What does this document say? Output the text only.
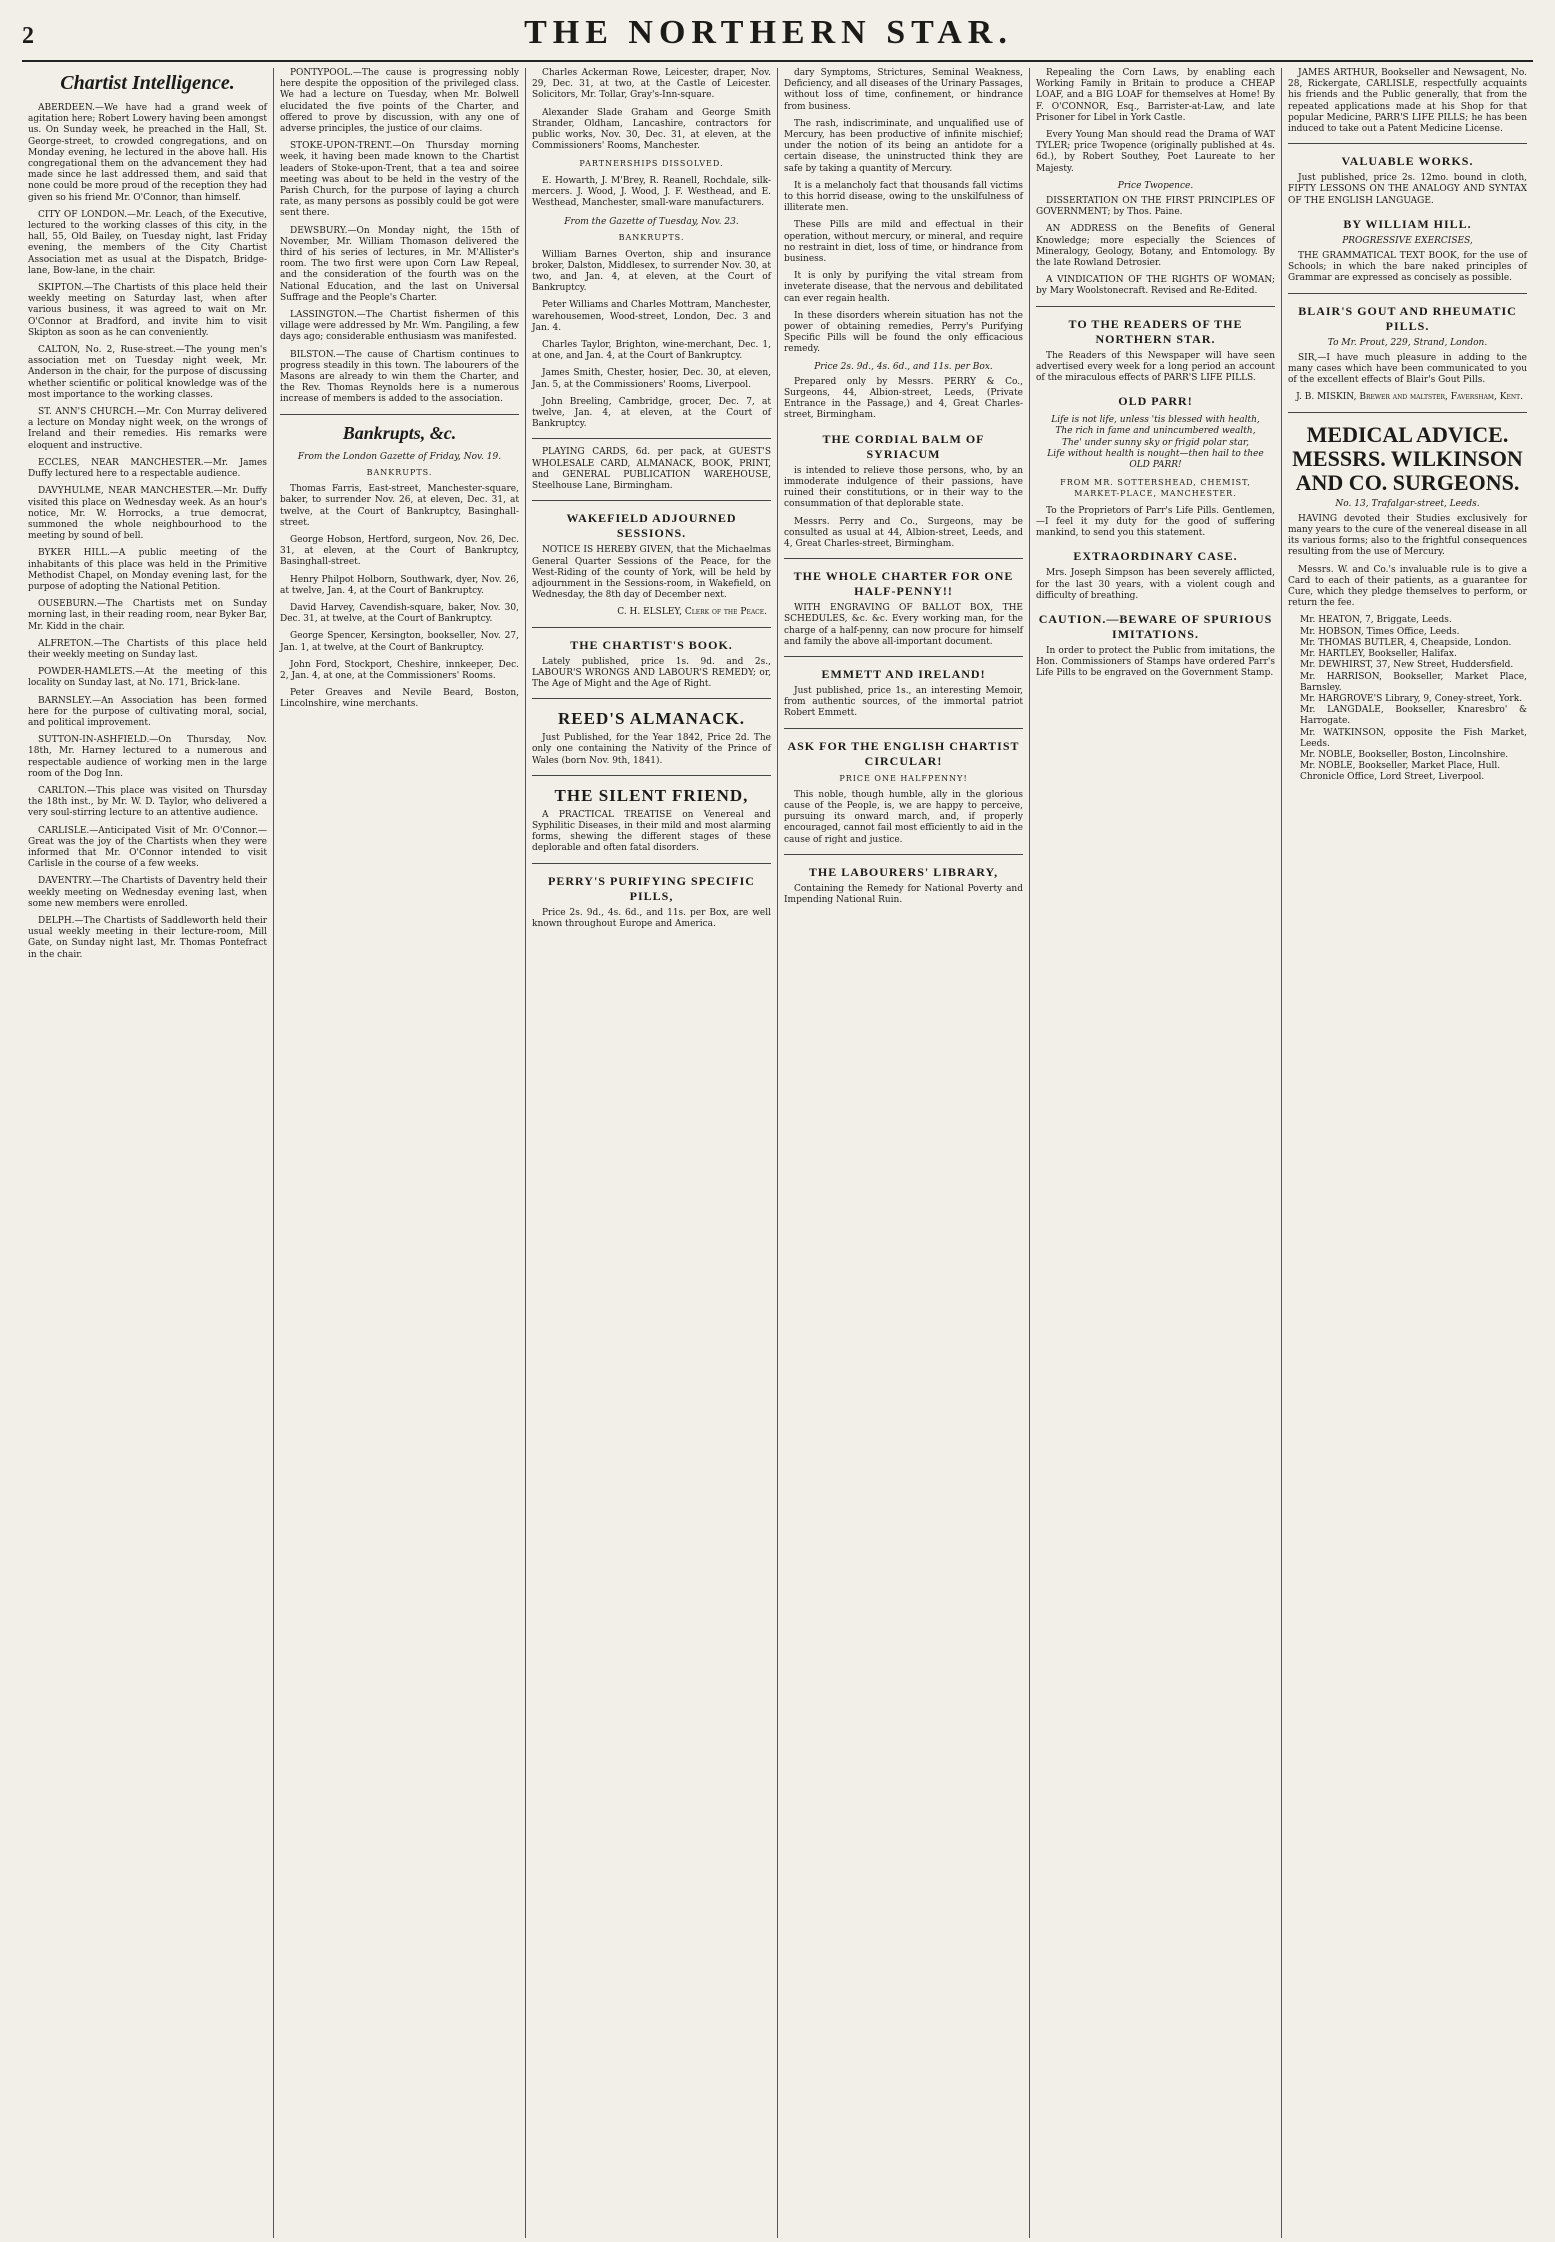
2	THE NORTHERN STAR.
Chartist Intelligence.

ABERDEEN.—We have had a grand week of agitation here; Robert Lowery having been amongst us. On Sunday week, he preached in the Hall, St. George-street, to crowded congregations, and on Monday evening, he lectured in the above hall. His congregational them on the advancement they had made since he last addressed them, and said that none could be more proud of the reception they had given so his friend Mr. O'Connor, than himself.

CITY OF LONDON.—Mr. Leach, of the Executive, lectured to the working classes of this city, in the hall, 55, Old Bailey, on Tuesday night, last Friday evening, the members of the City Chartist Association met as usual at the Dispatch, Bridge-lane, Bow-lane, in the chair.

SKIPTON.—The Chartists of this place held their weekly meeting on Saturday last, when after various business, it was agreed to wait on Mr. O'Connor at Bradford, and invite him to visit Skipton as soon as he can conveniently.

CALTON, No. 2, Ruse-street.—The young men's association met on Tuesday night week, Mr. Anderson in the chair, for the purpose of discussing whether scientific or political knowledge was of the most importance to the working classes.

ST. ANN'S CHURCH.—Mr. Con Murray delivered a lecture on Monday night week, on the wrongs of Ireland and their remedies. His remarks were eloquent and instructive.

ECCLES, NEAR MANCHESTER.—Mr. James Duffy lectured here to a respectable audience.

DAVYHULME, NEAR MANCHESTER.—Mr. Duffy visited this place on Wednesday week. As an hour's notice, Mr. W. Horrocks, a true democrat, summoned the whole neighbourhood to the meeting by sound of bell.

BYKER HILL.—A public meeting of the inhabitants of this place was held in the Primitive Methodist Chapel, on Monday evening last, for the purpose of adopting the National Petition.

OUSEBURN.—The Chartists met on Sunday morning last, in their reading room, near Byker Bar, Mr. Kidd in the chair.

ALFRETON.—The Chartists of this place held their weekly meeting on Sunday last.

POWDER-HAMLETS.—At the meeting of this locality on Sunday last, at No. 171, Brick-lane.

BARNSLEY.—An Association has been formed here for the purpose of cultivating moral, social, and political improvement.

SUTTON-IN-ASHFIELD.—On Thursday, Nov. 18th, Mr. Harney lectured to a numerous and respectable audience of working men in the large room of the Dog Inn.

CARLTON.—This place was visited on Thursday the 18th inst., by Mr. W. D. Taylor, who delivered a very soul-stirring lecture to an attentive audience.

CARLISLE.—Anticipated Visit of Mr. O'Connor.—Great was the joy of the Chartists when they were informed that Mr. O'Connor intended to visit Carlisle in the course of a few weeks.

DAVENTRY.—The Chartists of Daventry held their weekly meeting on Wednesday evening last, when some new members were enrolled.

DELPH.—The Chartists of Saddleworth held their usual weekly meeting in their lecture-room, Mill Gate, on Sunday night last, Mr. Thomas Pontefract in the chair.

PONTYPOOL.—The cause is progressing nobly here despite the opposition of the privileged class. We had a lecture on Tuesday, when Mr. Bolwell elucidated the five points of the Charter, and offered to prove by discussion, with any one of adverse principles, the justice of our claims.

STOKE-UPON-TRENT.—On Thursday morning week, it having been made known to the Chartist leaders of Stoke-upon-Trent, that a tea and soiree meeting was about to be held in the vestry of the Parish Church, for the purpose of laying a church rate, as many persons as possibly could be got were sent there.

DEWSBURY.—On Monday night, the 15th of November, Mr. William Thomason delivered the third of his series of lectures, in Mr. M'Allister's room. The two first were upon Corn Law Repeal, and the consideration of the fourth was on the National Education, and the last on Universal Suffrage and the People's Charter.

LASSINGTON.—The Chartist fishermen of this village were addressed by Mr. Wm. Pangiling, a few days ago; considerable enthusiasm was manifested.

BILSTON.—The cause of Chartism continues to progress steadily in this town. The labourers of the Masons are already to win them the Charter, and the Rev. Thomas Reynolds here is a numerous increase of members is added to the association.

Bankrupts, &c.
From the London Gazette of Friday, Nov. 19.
BANKRUPTS.

Thomas Farris, East-street, Manchester-square, baker, to surrender Nov. 26, at eleven, Dec. 31, at twelve, at the Court of Bankruptcy, Basinghall-street.

George Hobson, Hertford, surgeon, Nov. 26, Dec. 31, at eleven, at the Court of Bankruptcy, Basinghall-street.

Henry Philpot Holborn, Southwark, dyer, Nov. 26, at twelve, Jan. 4, at the Court of Bankruptcy.

David Harvey, Cavendish-square, baker, Nov. 30, Dec. 31, at twelve, at the Court of Bankruptcy.

George Spencer, Kersington, bookseller, Nov. 27, Jan. 1, at twelve, at the Court of Bankruptcy.

John Ford, Stockport, Cheshire, innkeeper, Dec. 2, Jan. 4, at one, at the Commissioners' Rooms.

Peter Greaves and Nevile Beard, Boston, Lincolnshire, wine merchants.

Charles Ackerman Rowe, Leicester, draper, Nov. 29, Dec. 31, at two, at the Castle of Leicester. Solicitors, Mr. Tollar, Gray's-Inn-square.

Alexander Slade Graham and George Smith Strander, Oldham, Lancashire, contractors for public works, Nov. 30, Dec. 31, at eleven, at the Commissioners' Rooms, Manchester.

PARTNERSHIPS DISSOLVED.

E. Howarth, J. M'Brey, R. Reanell, Rochdale, silk-mercers. J. Wood, J. Wood, J. F. Westhead, and E. Westhead, Manchester, small-ware manufacturers.

From the Gazette of Tuesday, Nov. 23.
BANKRUPTS.

William Barnes Overton, ship and insurance broker, Dalston, Middlesex, to surrender Nov. 30, at two, and Jan. 4, at eleven, at the Court of Bankruptcy.

Peter Williams and Charles Mottram, Manchester, warehousemen, Wood-street, London, Dec. 3 and Jan. 4.

Charles Taylor, Brighton, wine-merchant, Dec. 1, at one, and Jan. 4, at the Court of Bankruptcy.

James Smith, Chester, hosier, Dec. 30, at eleven, Jan. 5, at the Commissioners' Rooms, Liverpool.

John Breeling, Cambridge, grocer, Dec. 7, at twelve, Jan. 4, at eleven, at the Court of Bankruptcy.

PLAYING CARDS, 6d. per pack, at GUEST'S WHOLESALE CARD, ALMANACK, BOOK, PRINT, and GENERAL PUBLICATION WAREHOUSE, Steelhouse Lane, Birmingham.

WAKEFIELD ADJOURNED SESSIONS.

NOTICE IS HEREBY GIVEN, that the Michaelmas General Quarter Sessions of the Peace, for the West-Riding of the county of York, will be held by adjournment in the Sessions-room, in Wakefield, on Wednesday, the 8th day of December next.

C. H. ELSLEY, Clerk of the Peace.
THE CHARTIST'S BOOK.

Lately published, price 1s. 9d. and 2s., LABOUR'S WRONGS AND LABOUR'S REMEDY; or, The Age of Might and the Age of Right.

REED'S ALMANACK.

Just Published, for the Year 1842, Price 2d. The only one containing the Nativity of the Prince of Wales (born Nov. 9th, 1841).

THE SILENT FRIEND,

A PRACTICAL TREATISE on Venereal and Syphilitic Diseases, in their mild and most alarming forms, shewing the different stages of these deplorable and often fatal disorders.

PERRY'S PURIFYING SPECIFIC PILLS,

Price 2s. 9d., 4s. 6d., and 11s. per Box, are well known throughout Europe and America.

dary Symptoms, Strictures, Seminal Weakness, Deficiency, and all diseases of the Urinary Passages, without loss of time, confinement, or hindrance from business.

The rash, indiscriminate, and unqualified use of Mercury, has been productive of infinite mischief; under the notion of its being an antidote for a certain disease, the uninstructed think they are safe by taking a quantity of Mercury.

It is a melancholy fact that thousands fall victims to this horrid disease, owing to the unskilfulness of illiterate men.

These Pills are mild and effectual in their operation, without mercury, or mineral, and require no restraint in diet, loss of time, or hindrance from business.

It is only by purifying the vital stream from inveterate disease, that the nervous and debilitated can ever regain health.

In these disorders wherein situation has not the power of obtaining remedies, Perry's Purifying Specific Pills will be found the only efficacious remedy.

Price 2s. 9d., 4s. 6d., and 11s. per Box.

Prepared only by Messrs. PERRY & Co., Surgeons, 44, Albion-street, Leeds, (Private Entrance in the Passage,) and 4, Great Charles-street, Birmingham.

THE CORDIAL BALM OF SYRIACUM

is intended to relieve those persons, who, by an immoderate indulgence of their passions, have ruined their constitutions, or in their way to the consummation of that deplorable state.

Messrs. Perry and Co., Surgeons, may be consulted as usual at 44, Albion-street, Leeds, and 4, Great Charles-street, Birmingham.

THE WHOLE CHARTER FOR ONE HALF-PENNY!!

WITH ENGRAVING OF BALLOT BOX, THE SCHEDULES, &c. &c. Every working man, for the charge of a half-penny, can now procure for himself and family the above all-important document.

EMMETT AND IRELAND!

Just published, price 1s., an interesting Memoir, from authentic sources, of the immortal patriot Robert Emmett.

ASK FOR THE ENGLISH CHARTIST CIRCULAR!
PRICE ONE HALFPENNY!

This noble, though humble, ally in the glorious cause of the People, is, we are happy to perceive, pursuing its onward march, and, if properly encouraged, cannot fail most efficiently to aid in the cause of right and justice.

THE LABOURERS' LIBRARY,

Containing the Remedy for National Poverty and Impending National Ruin.

Repealing the Corn Laws, by enabling each Working Family in Britain to produce a CHEAP LOAF, and a BIG LOAF for themselves at Home! By F. O'CONNOR, Esq., Barrister-at-Law, and late Prisoner for Libel in York Castle.

Every Young Man should read the Drama of WAT TYLER; price Twopence (originally published at 4s. 6d.), by Robert Southey, Poet Laureate to her Majesty.

Price Twopence.

DISSERTATION ON THE FIRST PRINCIPLES OF GOVERNMENT; by Thos. Paine.

AN ADDRESS on the Benefits of General Knowledge; more especially the Sciences of Mineralogy, Geology, Botany, and Entomology. By the late Rowland Detrosier.

A VINDICATION OF THE RIGHTS OF WOMAN; by Mary Woolstonecraft. Revised and Re-Edited.

TO THE READERS OF THE NORTHERN STAR.

The Readers of this Newspaper will have seen advertised every week for a long period an account of the miraculous effects of PARR'S LIFE PILLS.

OLD PARR!
Life is not life, unless 'tis blessed with health,
The rich in fame and unincumbered wealth,
The' under sunny sky or frigid polar star,
Life without health is nought—then hail to thee OLD PARR!
FROM MR. SOTTERSHEAD, CHEMIST, MARKET-PLACE, MANCHESTER.

To the Proprietors of Parr's Life Pills. Gentlemen,—I feel it my duty for the good of suffering mankind, to send you this statement.

EXTRAORDINARY CASE.

Mrs. Joseph Simpson has been severely afflicted, for the last 30 years, with a violent cough and difficulty of breathing.

CAUTION.—BEWARE OF SPURIOUS IMITATIONS.

In order to protect the Public from imitations, the Hon. Commissioners of Stamps have ordered Parr's Life Pills to be engraved on the Government Stamp.

JAMES ARTHUR, Bookseller and Newsagent, No. 28, Rickergate, CARLISLE, respectfully acquaints his friends and the Public generally, that from the repeated applications made at his Shop for that popular Medicine, PARR'S LIFE PILLS; he has been induced to take out a Patent Medicine License.

VALUABLE WORKS.

Just published, price 2s. 12mo. bound in cloth, FIFTY LESSONS ON THE ANALOGY AND SYNTAX OF THE ENGLISH LANGUAGE.

BY WILLIAM HILL.
PROGRESSIVE EXERCISES,

THE GRAMMATICAL TEXT BOOK, for the use of Schools; in which the bare naked principles of Grammar are expressed as concisely as possible.

BLAIR'S GOUT AND RHEUMATIC PILLS.
To Mr. Prout, 229, Strand, London.

SIR,—I have much pleasure in adding to the many cases which have been communicated to you of the excellent effects of Blair's Gout Pills.

J. B. MISKIN, Brewer and maltster, Faversham, Kent.
MEDICAL ADVICE. MESSRS. WILKINSON AND CO. SURGEONS.
No. 13, Trafalgar-street, Leeds.

HAVING devoted their Studies exclusively for many years to the cure of the venereal disease in all its various forms; also to the frightful consequences resulting from the use of Mercury.

Messrs. W. and Co.'s invaluable rule is to give a Card to each of their patients, as a guarantee for Cure, which they pledge themselves to perform, or return the fee.

Mr. HEATON, 7, Briggate, Leeds.
Mr. HOBSON, Times Office, Leeds.
Mr. THOMAS BUTLER, 4, Cheapside, London.
Mr. HARTLEY, Bookseller, Halifax.
Mr. DEWHIRST, 37, New Street, Huddersfield.
Mr. HARRISON, Bookseller, Market Place, Barnsley.
Mr. HARGROVE'S Library, 9, Coney-street, York.
Mr. LANGDALE, Bookseller, Knaresbro' & Harrogate.
Mr. WATKINSON, opposite the Fish Market, Leeds.
Mr. NOBLE, Bookseller, Boston, Lincolnshire.
Mr. NOBLE, Bookseller, Market Place, Hull.
Chronicle Office, Lord Street, Liverpool.
